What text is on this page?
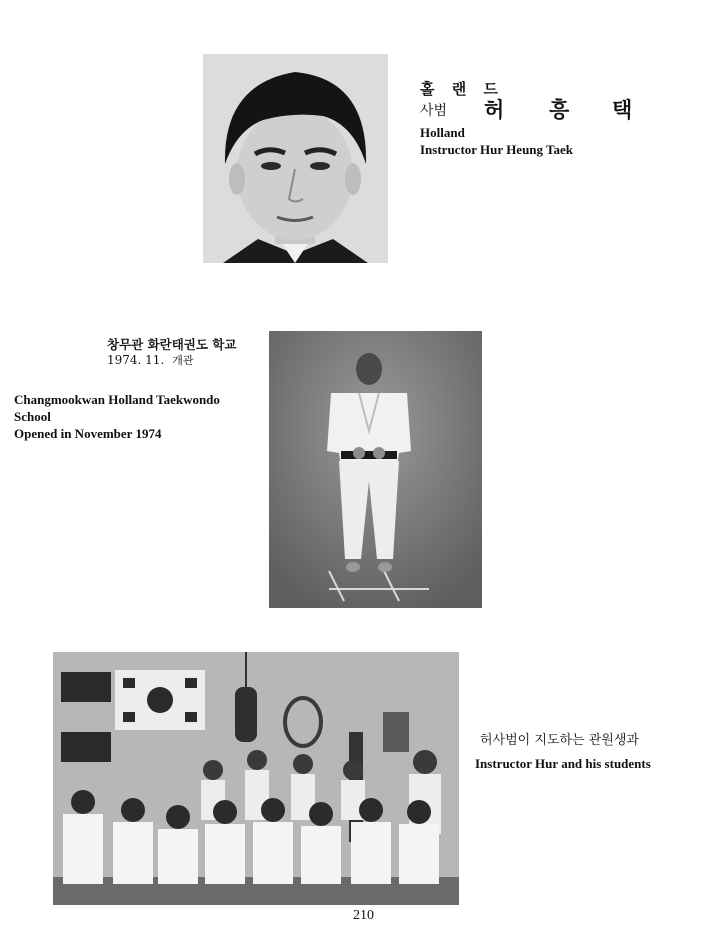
홀 랜 드
사범 허 흥 택
Holland
Instructor Hur Heung Taek
창무관 화란태권도 학교
1974. 11. 개관
Changmookwan Holland Taekwondo
School
Opened in November 1974
허사범이 지도하는 관원생과
Instructor Hur and his students
210
